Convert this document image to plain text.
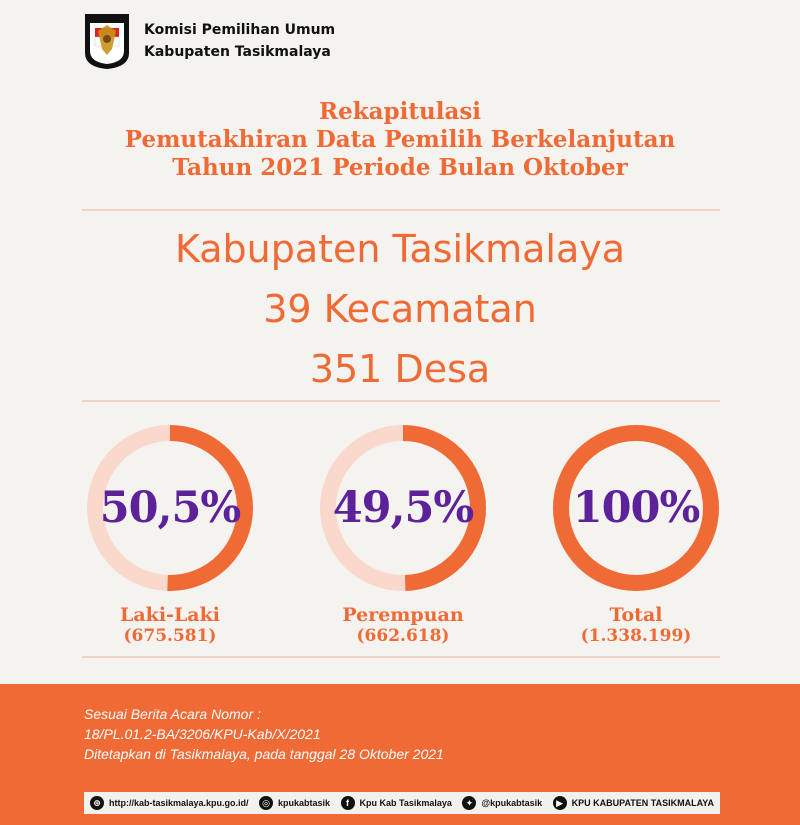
Komisi Pemilihan Umum
Kabupaten Tasikmalaya
Rekapitulasi
Pemutakhiran Data Pemilih Berkelanjutan
Tahun 2021 Periode Bulan Oktober
Kabupaten Tasikmalaya
39 Kecamatan
351 Desa
50,5%
Laki-Laki
(675.581)
49,5%
Perempuan
(662.618)
100%
Total
(1.338.199)
Sesuai Berita Acara Nomor :
18/PL.01.2-BA/3206/KPU-Kab/X/2021
Ditetapkan di Tasikmalaya, pada tanggal 28 Oktober 2021
⊕ http://kab-tasikmalaya.kpu.go.id/	◎ kpukabtasik	f	Kpu Kab Tasikmalaya	✦ @kpukabtasik	▶ KPU KABUPATEN TASIKMALAYA
